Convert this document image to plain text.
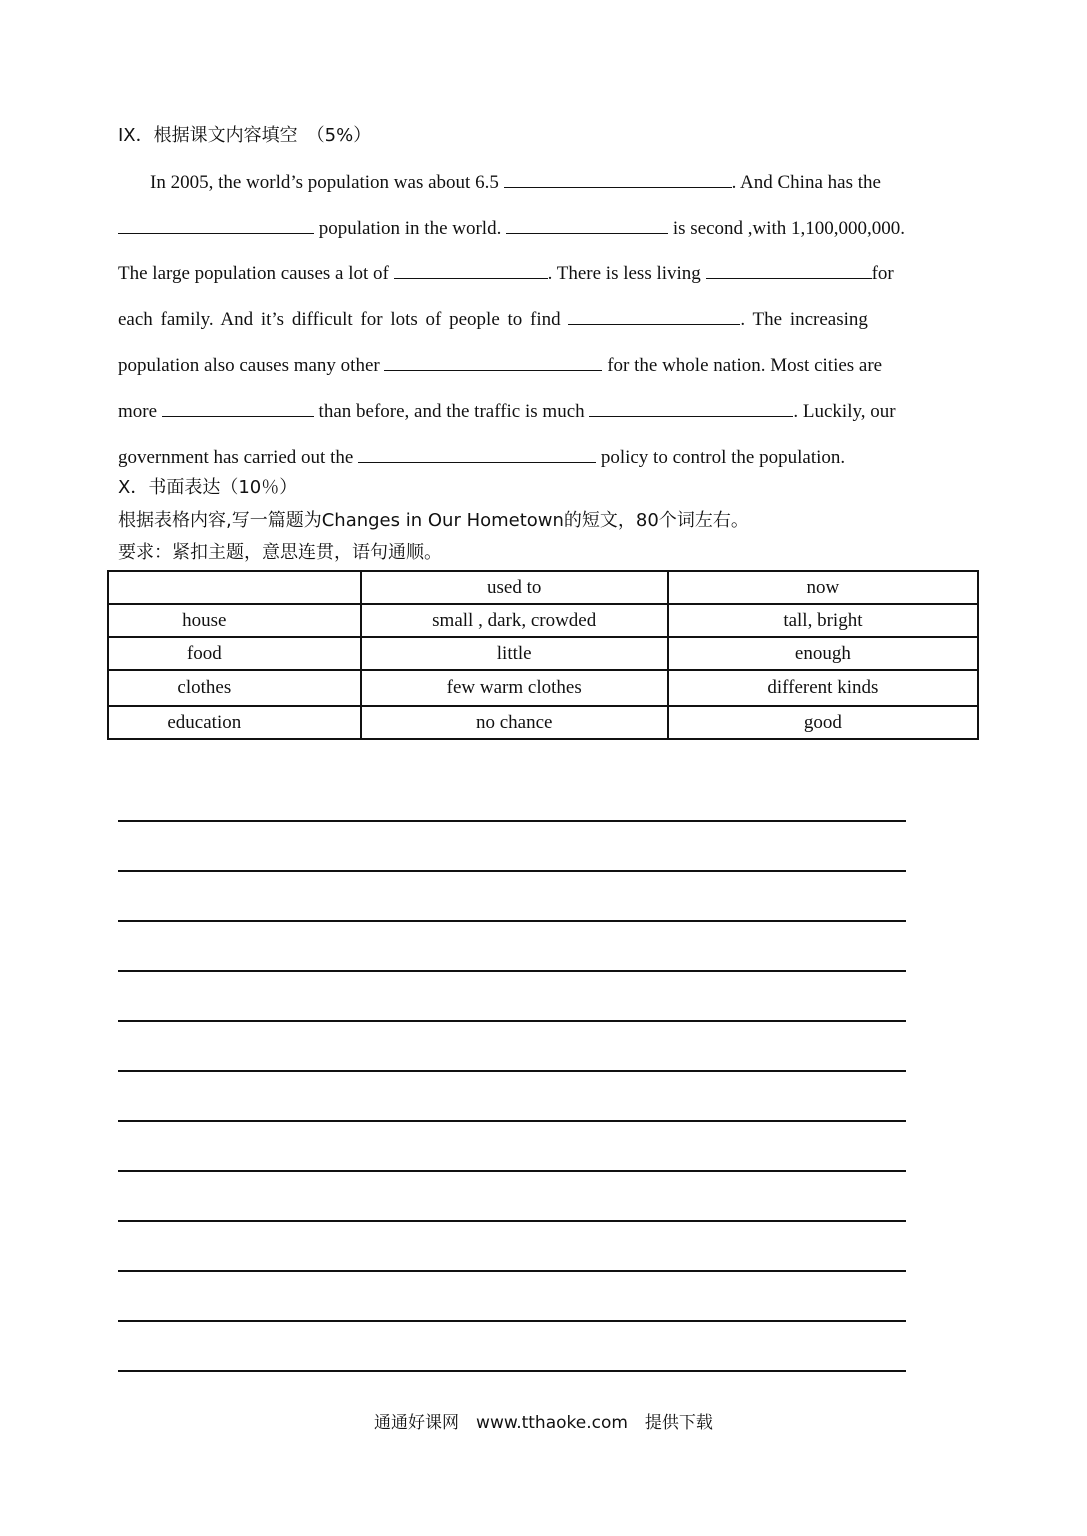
IX．根据课文内容填空　（5%）
In 2005, the world’s population was about 6.5	. And China has the
population in the world.	is second ,with 1,100,000,000.
The large population causes a lot of	. There is less living	for
each family. And it’s difficult for lots of people to find	. The increasing
population also causes many other	for the whole nation. Most cities are
more	than before, and the traffic is much	. Luckily, our
government has carried out the	policy to control the population.
X．书面表达（10％）
根据表格内容,写一篇题为Changes in Our Hometown的短文，80个词左右。
要求：紧扣主题，意思连贯，语句通顺。
	used to	now
house	small , dark, crowded	tall, bright
food	little	enough
clothes	few warm clothes	different kinds
education	no chance	good
通通好课网　www.tthaoke.com　提供下载
